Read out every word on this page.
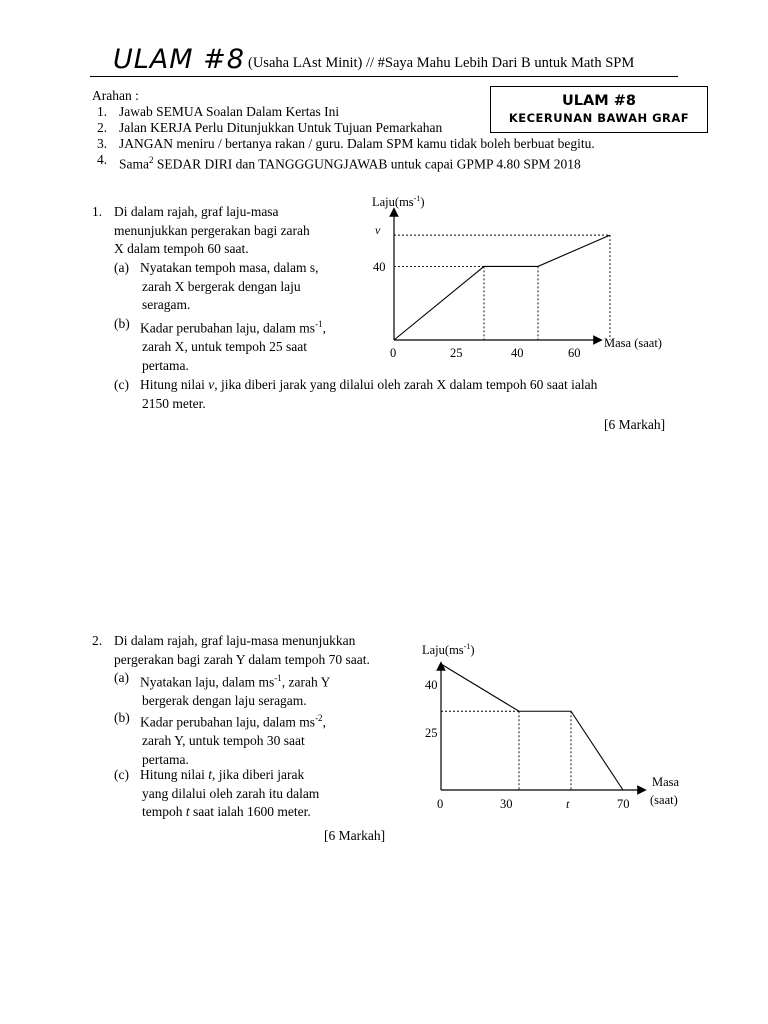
ULAM #8 (Usaha LAst Minit) // #Saya Mahu Lebih Dari B untuk Math SPM
Arahan :
1. Jawab SEMUA Soalan Dalam Kertas Ini
2. Jalan KERJA Perlu Ditunjukkan Untuk Tujuan Pemarkahan
3. JANGAN meniru / bertanya rakan / guru. Dalam SPM kamu tidak boleh berbuat begitu.
4. Sama$^2$ SEDAR DIRI dan TANGGGUNGJAWAB untuk capai GPMP 4.80 SPM 2018
ULAM #8
KECERUNAN BAWAH GRAF
1. Di dalam rajah, graf laju-masa
menunjukkan pergerakan bagi zarah
X dalam tempoh 60 saat.
(a) Nyatakan tempoh masa, dalam s,
zarah X bergerak dengan laju
seragam.
(b) Kadar perubahan laju, dalam $ms^{-1}$,
zarah X, untuk tempoh 25 saat
pertama.
(c) Hitung nilai v, jika diberi jarak yang dilalui oleh zarah X dalam tempoh 60 saat ialah
2150 meter.
[6 Markah]
$Laju(ms^{-1})$
v
40
0	25	40	60
Masa (saat)
2. Di dalam rajah, graf laju-masa menunjukkan
pergerakan bagi zarah Y dalam tempoh 70 saat.
(a) Nyatakan laju, dalam $ms^{-1}$, zarah Y
bergerak dengan laju seragam.
(b) Kadar perubahan laju, dalam $ms^{-2}$,
zarah Y, untuk tempoh 30 saat
pertama.
(c) Hitung nilai t, jika diberi jarak
yang dilalui oleh zarah itu dalam
tempoh t saat ialah 1600 meter.
[6 Markah]
$Laju(ms^{-1})$
40
25
0	30	t	70
Masa
(saat)
